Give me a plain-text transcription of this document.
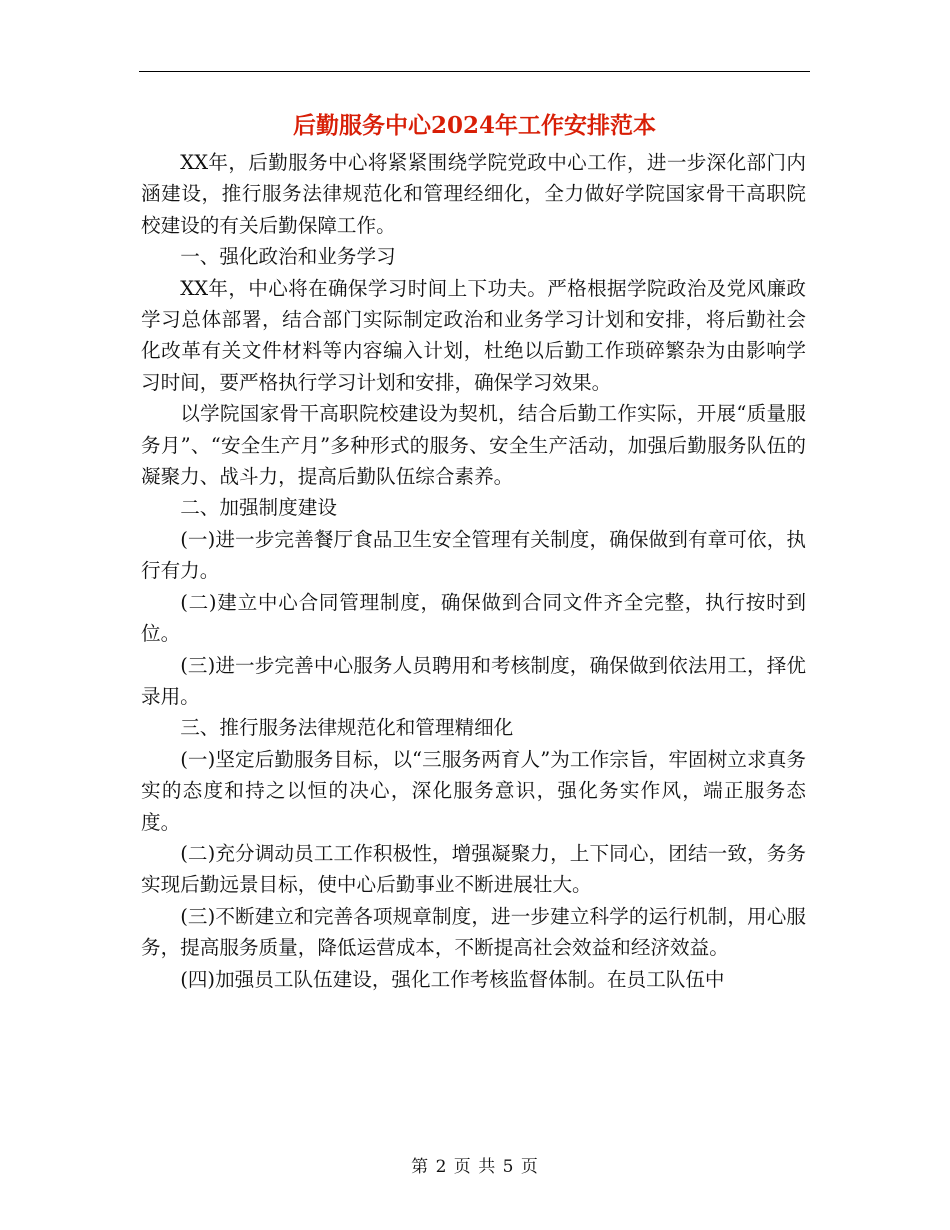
后勤服务中心2024年工作安排范本

XX年，后勤服务中心将紧紧围绕学院党政中心工作，进一步深化部门内涵建设，推行服务法律规范化和管理经细化，全力做好学院国家骨干高职院校建设的有关后勤保障工作。

一、强化政治和业务学习

XX年，中心将在确保学习时间上下功夫。严格根据学院政治及党风廉政学习总体部署，结合部门实际制定政治和业务学习计划和安排，将后勤社会化改革有关文件材料等内容编入计划，杜绝以后勤工作琐碎繁杂为由影响学习时间，要严格执行学习计划和安排，确保学习效果。

以学院国家骨干高职院校建设为契机，结合后勤工作实际，开展“质量服务月”、“安全生产月”多种形式的服务、安全生产活动，加强后勤服务队伍的凝聚力、战斗力，提高后勤队伍综合素养。

二、加强制度建设

(一)进一步完善餐厅食品卫生安全管理有关制度，确保做到有章可依，执行有力。

(二)建立中心合同管理制度，确保做到合同文件齐全完整，执行按时到位。

(三)进一步完善中心服务人员聘用和考核制度，确保做到依法用工，择优录用。

三、推行服务法律规范化和管理精细化

(一)坚定后勤服务目标，以“三服务两育人”为工作宗旨，牢固树立求真务实的态度和持之以恒的决心，深化服务意识，强化务实作风，端正服务态度。

(二)充分调动员工工作积极性，增强凝聚力，上下同心，团结一致，务务实现后勤远景目标，使中心后勤事业不断进展壮大。

(三)不断建立和完善各项规章制度，进一步建立科学的运行机制，用心服务，提高服务质量，降低运营成本，不断提高社会效益和经济效益。

(四)加强员工队伍建设，强化工作考核监督体制。在员工队伍中

第 2 页 共 5 页
